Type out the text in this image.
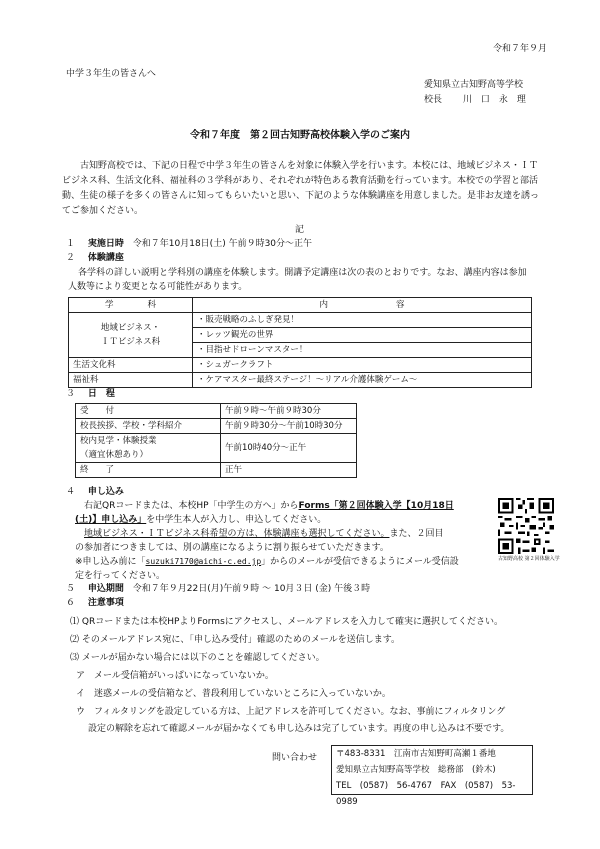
令和７年９月
中学３年生の皆さんへ
愛知県立古知野高等学校
校長 川　口　永　理
令和７年度　第２回古知野高校体験入学のご案内
古知野高校では、下記の日程で中学３年生の皆さんを対象に体験入学を行います。本校には、地域ビジネス・ＩＴビジネス科、生活文化科、福祉科の３学科があり、それぞれが特色ある教育活動を行っています。本校での学習と部活動、生徒の様子を多くの皆さんに知ってもらいたいと思い、下記のような体験講座を用意しました。是非お友達を誘ってご参加ください。
記
１ 実施日時 令和７年10月18日(土) 午前９時30分～正午
２ 体験講座
各学科の詳しい説明と学科別の講座を体験します。開講予定講座は次の表のとおりです。なお、講座内容は参加人数等により変更となる可能性があります。
学　　　　科	内　　　　　　　　容

地域ビジネス・
ＩＴビジネス科	・販売戦略のふしぎ発見！
	・レッツ観光の世界
	・目指せドローンマスター！
生活文化科	・シュガークラフト
福祉科	・ケアマスター最終ステージ！～リアル介護体験ゲーム～
３ 日　程
受　　付	午前９時～午前９時30分
校長挨拶、学校・学科紹介	午前９時30分～午前10時30分

校内見学・体験授業
（適宜休憩あり）	午前10時40分～正午
終　　了	正午
４ 申し込み
右記QRコードまたは、本校HP「中学生の方へ」からForms「第２回体験入学【10月18日
(土)】申し込み」を中学生本人が入力し、申込してください。
地域ビジネス・ＩＴビジネス科希望の方は、体験講座も選択してください。また、２回目
の参加者につきましては、別の講座になるように割り振らせていただきます。
※申し込み前に「suzuki7170@aichi-c.ed.jp」からのメールが受信できるようにメール受信設
定を行ってください。
古知野高校 第２回体験入学
５ 申込期間 令和７年９月22日(月)午前９時 ～ 10月３日 (金) 午後３時
６ 注意事項
⑴ QRコードまたは本校HPよりFormsにアクセスし、メールアドレスを入力して確実に選択してください。
⑵ そのメールアドレス宛に、「申し込み受付」確認のためのメールを送信します。
⑶ メールが届かない場合には以下のことを確認してください。
ア　メール受信箱がいっぱいになっていないか。
イ　迷惑メールの受信箱など、普段利用していないところに入っていないか。
ウ　フィルタリングを設定している方は、上記アドレスを許可してください。なお、事前にフィルタリング
設定の解除を忘れて確認メールが届かなくても申し込みは完了しています。再度の申し込みは不要です。
問い合わせ 〒483-8331　江南市古知野町高瀬１番地
愛知県立古知野高等学校　総務部　(鈴木)
TEL　(0587)　56-4767　FAX　(0587)　53-0989
